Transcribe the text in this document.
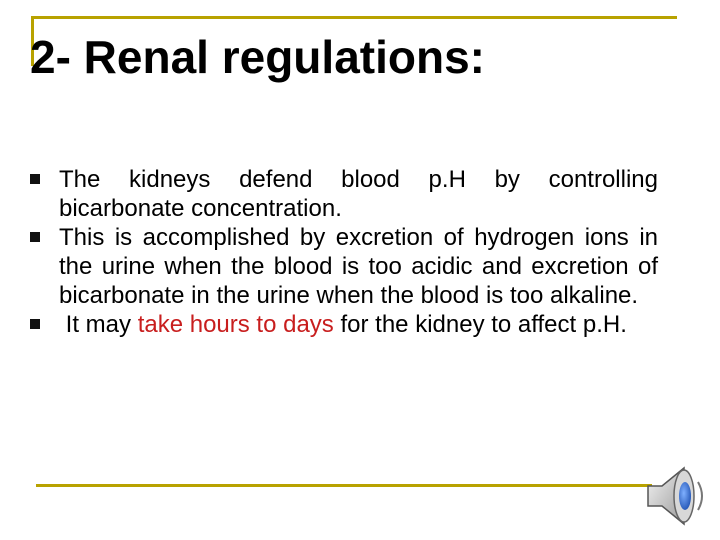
2- Renal regulations:
The kidneys defend blood p.H by controlling bicarbonate concentration.
This is accomplished by excretion of hydrogen ions in the urine when the blood is too acidic and excretion of bicarbonate in the urine when the blood is too alkaline.
It may take hours to days for the kidney to affect p.H.
